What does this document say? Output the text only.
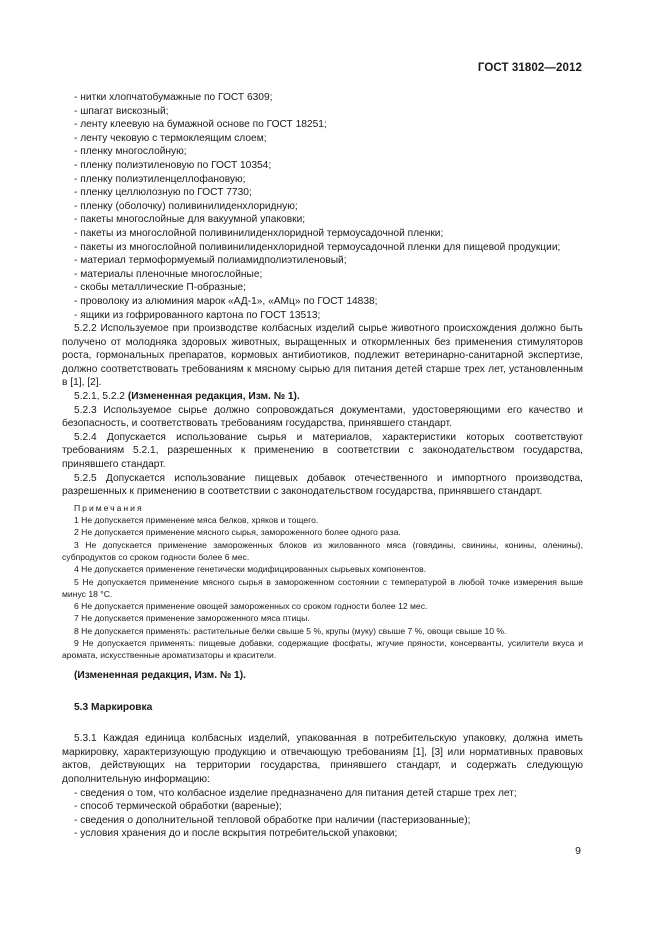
ГОСТ 31802—2012

- нитки хлопчатобумажные по ГОСТ 6309;

- шпагат вискозный;

- ленту клеевую на бумажной основе по ГОСТ 18251;

- ленту чековую с термоклеящим слоем;

- пленку многослойную;

- пленку полиэтиленовую по ГОСТ 10354;

- пленку полиэтиленцеллофановую;

- пленку целлюлозную по ГОСТ 7730;

- пленку (оболочку) поливинилиденхлоридную;

- пакеты многослойные для вакуумной упаковки;

- пакеты из многослойной поливинилиденхлоридной термоусадочной пленки;

- пакеты из многослойной поливинилиденхлоридной термоусадочной пленки для пищевой продукции;

- материал термоформуемый полиамидполиэтиленовый;

- материалы пленочные многослойные;

- скобы металлические П-образные;

- проволоку из алюминия марок «АД-1», «АМц» по ГОСТ 14838;

- ящики из гофрированного картона по ГОСТ 13513;

5.2.2 Используемое при производстве колбасных изделий сырье животного происхождения должно быть получено от молодняка здоровых животных, выращенных и откормленных без применения стимуляторов роста, гормональных препаратов, кормовых антибиотиков, подлежит ветеринарно-санитарной экспертизе, должно соответствовать требованиям к мясному сырью для питания детей старше трех лет, установленным в [1], [2].

5.2.1, 5.2.2 (Измененная редакция, Изм. № 1).

5.2.3 Используемое сырье должно сопровождаться документами, удостоверяющими его качество и безопасность, и соответствовать требованиям государства, принявшего стандарт.

5.2.4 Допускается использование сырья и материалов, характеристики которых соответствуют требованиям 5.2.1, разрешенных к применению в соответствии с законодательством государства, принявшего стандарт.

5.2.5 Допускается использование пищевых добавок отечественного и импортного производства, разрешенных к применению в соответствии с законодательством государства, принявшего стандарт.

Примечания

1 Не допускается применение мяса белков, хряков и тощего.

2 Не допускается применение мясного сырья, замороженного более одного раза.

3 Не допускается применение замороженных блоков из жилованного мяса (говядины, свинины, конины, оленины), субпродуктов со сроком годности более 6 мес.

4 Не допускается применение генетически модифицированных сырьевых компонентов.

5 Не допускается применение мясного сырья в замороженном состоянии с температурой в любой точке измерения выше минус 18 °С.

6 Не допускается применение овощей замороженных со сроком годности более 12 мес.

7 Не допускается применение замороженного мяса птицы.

8 Не допускается применять: растительные белки свыше 5 %, крупы (муку) свыше 7 %, овощи свыше 10 %.

9 Не допускается применять: пищевые добавки, содержащие фосфаты, жгучие пряности, консерванты, усилители вкуса и аромата, искусственные ароматизаторы и красители.

(Измененная редакция, Изм. № 1).

5.3 Маркировка

5.3.1 Каждая единица колбасных изделий, упакованная в потребительскую упаковку, должна иметь маркировку, характеризующую продукцию и отвечающую требованиям [1], [3] или нормативных правовых актов, действующих на территории государства, принявшего стандарт, и содержать следующую дополнительную информацию:

- сведения о том, что колбасное изделие предназначено для питания детей старше трех лет;

- способ термической обработки (вареные);

- сведения о дополнительной тепловой обработке при наличии (пастеризованные);

- условия хранения до и после вскрытия потребительской упаковки;

9
